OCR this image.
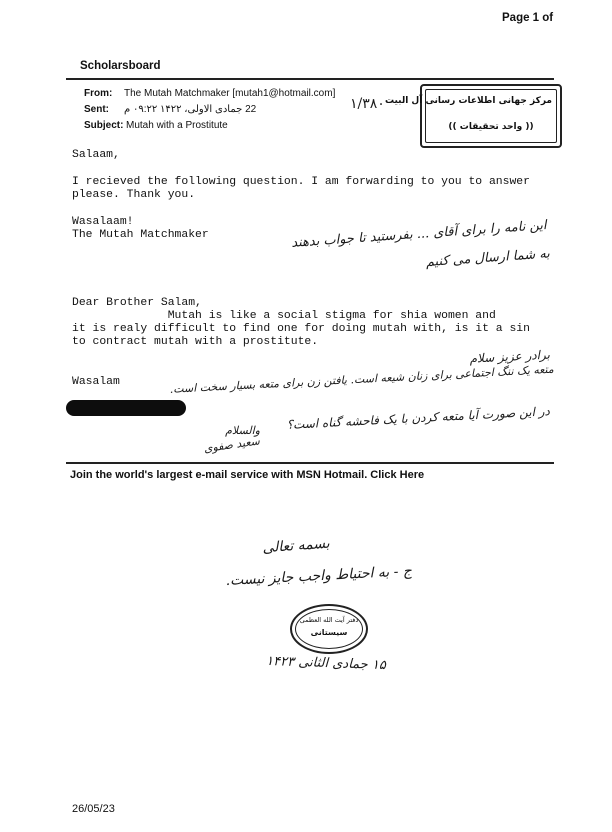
Page 1 of
Scholarsboard
From: The Mutah Matchmaker [mutah1@hotmail.com]
Sent: 22 جمادی الاولی، ۱۴۲۲ ۰۹:۲۲ م
Subject: Mutah with a Prostitute
۱/۳۸۰ مرکز جهانی اطلاعات رسانی آل البیت
(( واحد تحقیقات ))
Salaam,
I recieved the following question. I am forwarding to you to answer
please. Thank you.
Wasalaam!
The Mutah Matchmaker	این نامه را برای آقای ... بفرستید تا جواب بدهند
به شما ارسال می کنیم
Dear Brother Salam,
Mutah is like a social stigma for shia women and
it is realy difficult to find one for doing mutah with, is it a sin
to contract mutah with a prostitute.
Wasalam
برادر عزیز سلام
متعه یک ننگ اجتماعی برای زنان شیعه است. یافتن زن برای متعه بسیار سخت است.
در این صورت آیا متعه کردن با یک فاحشه گناه است؟
والسلام
سعید صفوی
Join the world's largest e-mail service with MSN Hotmail. Click Here
بسمه تعالی
ج - به احتیاط واجب جایز نیست.
دفتر آیت الله العظمی
سیستانی
۱۵ جمادی الثانی ۱۴۲۳
26/05/23
